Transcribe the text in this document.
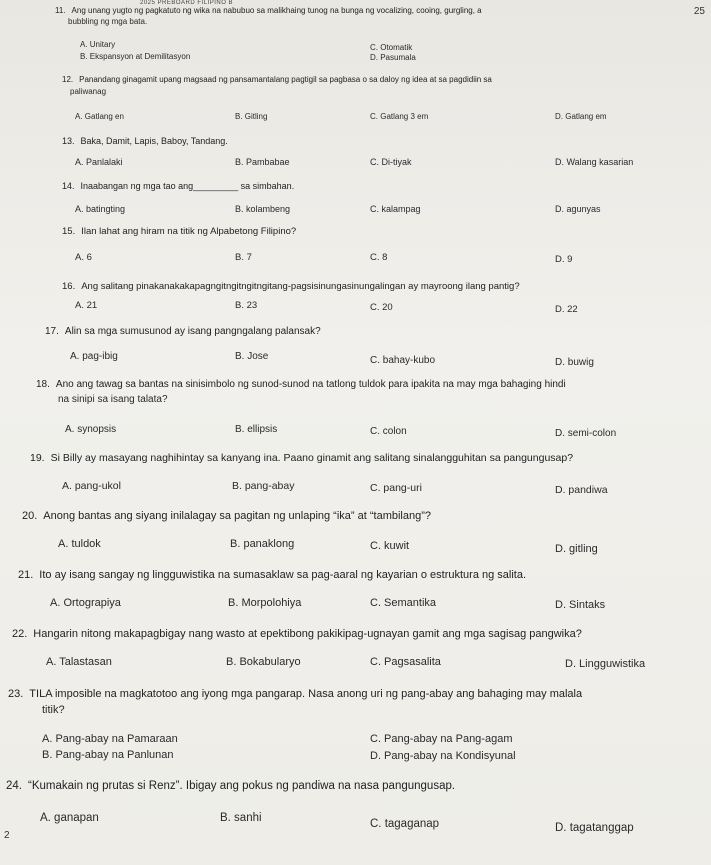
2025 PREBOARD FILIPINO B
25
2
11. Ang unang yugto ng pagkatuto ng wika na nabubuo sa malikhaing tunog na bunga ng vocalizing, cooing, gurgling, a
bubbling ng mga bata.
A. Unitary
B. Ekspansyon at Demilitasyon
C. Otomatik
D. Pasumala
12. Panandang ginagamit upang magsaad ng pansamantalang pagtigil sa pagbasa o sa daloy ng idea at sa pagdidiin sa
paliwanag
A. Gatlang en	B. Gitling	C. Gatlang 3 em	D. Gatlang em
13. Baka, Damit, Lapis, Baboy, Tandang.
A. Panlalaki	B. Pambabae	C. Di-tiyak	D. Walang kasarian
14. Inaabangan ng mga tao ang_________ sa simbahan.
A. batingting	B. kolambeng	C. kalampag	D. agunyas
15. Ilan lahat ang hiram na titik ng Alpabetong Filipino?
A. 6	B. 7	C. 8	D. 9
16. Ang salitang pinakanakakapagngitngitngitngitang-pagsisinungasinungalingan ay mayroong ilang pantig?
A. 21	B. 23	C. 20	D. 22
17. Alin sa mga sumusunod ay isang pangngalang palansak?
A. pag-ibig	B. Jose	C. bahay-kubo	D. buwig
18. Ano ang tawag sa bantas na sinisimbolo ng sunod-sunod na tatlong tuldok para ipakita na may mga bahaging hindi
na sinipi sa isang talata?
A. synopsis	B. ellipsis	C. colon	D. semi-colon
19. Si Billy ay masayang naghihintay sa kanyang ina. Paano ginamit ang salitang sinalangguhitan sa pangungusap?
A. pang-ukol	B. pang-abay	C. pang-uri	D. pandiwa
20. Anong bantas ang siyang inilalagay sa pagitan ng unlaping “ika” at “tambilang”?
A. tuldok	B. panaklong	C. kuwit	D. gitling
21. Ito ay isang sangay ng lingguwistika na sumasaklaw sa pag-aaral ng kayarian o estruktura ng salita.
A. Ortograpiya	B. Morpolohiya	C. Semantika	D. Sintaks
22. Hangarin nitong makapagbigay nang wasto at epektibong pakikipag-ugnayan gamit ang mga sagisag pangwika?
A. Talastasan	B. Bokabularyo	C. Pagsasalita	D. Lingguwistika
23. TILA imposible na magkatotoo ang iyong mga pangarap. Nasa anong uri ng pang-abay ang bahaging may malala
titik?
A. Pang-abay na Pamaraan
B. Pang-abay na Panlunan
C. Pang-abay na Pang-agam
D. Pang-abay na Kondisyunal
24. “Kumakain ng prutas si Renz”. Ibigay ang pokus ng pandiwa na nasa pangungusap.
A. ganapan	B. sanhi	C. tagaganap	D. tagatanggap
